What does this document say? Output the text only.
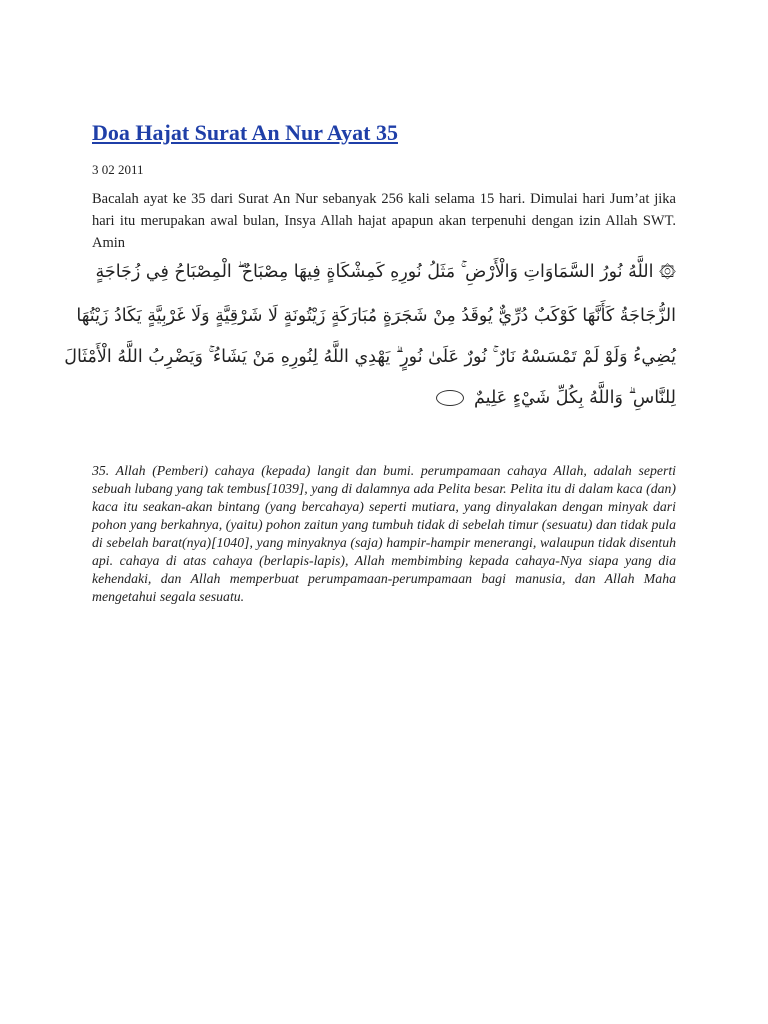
Doa Hajat Surat An Nur Ayat 35
3 02 2011

Bacalah ayat ke 35 dari Surat An Nur sebanyak 256 kali selama 15 hari. Dimulai hari Jum’at jika hari itu merupakan awal bulan, Insya Allah hajat apapun akan terpenuhi dengan izin Allah SWT. Amin

۞ اللَّهُ نُورُ السَّمَاوَاتِ وَالْأَرْضِ ۚ مَثَلُ نُورِهِ كَمِشْكَاةٍ فِيهَا مِصْبَاحٌ ۖ الْمِصْبَاحُ فِي زُجَاجَةٍ
الزُّجَاجَةُ كَأَنَّهَا كَوْكَبٌ دُرِّيٌّ يُوقَدُ مِنْ شَجَرَةٍ مُبَارَكَةٍ زَيْتُونَةٍ لَا شَرْقِيَّةٍ وَلَا غَرْبِيَّةٍ يَكَادُ زَيْتُهَا
يُضِيءُ وَلَوْ لَمْ تَمْسَسْهُ نَارٌ ۚ نُورٌ عَلَىٰ نُورٍ ۗ يَهْدِي اللَّهُ لِنُورِهِ مَنْ يَشَاءُ ۚ وَيَضْرِبُ اللَّهُ الْأَمْثَالَ
لِلنَّاسِ ۗ وَاللَّهُ بِكُلِّ شَيْءٍ عَلِيمٌ

35. Allah (Pemberi) cahaya (kepada) langit dan bumi. perumpamaan cahaya Allah, adalah seperti sebuah lubang yang tak tembus[1039], yang di dalamnya ada Pelita besar. Pelita itu di dalam kaca (dan) kaca itu seakan-akan bintang (yang bercahaya) seperti mutiara, yang dinyalakan dengan minyak dari pohon yang berkahnya, (yaitu) pohon zaitun yang tumbuh tidak di sebelah timur (sesuatu) dan tidak pula di sebelah barat(nya)[1040], yang minyaknya (saja) hampir-hampir menerangi, walaupun tidak disentuh api. cahaya di atas cahaya (berlapis-lapis), Allah membimbing kepada cahaya-Nya siapa yang dia kehendaki, dan Allah memperbuat perumpamaan-perumpamaan bagi manusia, dan Allah Maha mengetahui segala sesuatu.
